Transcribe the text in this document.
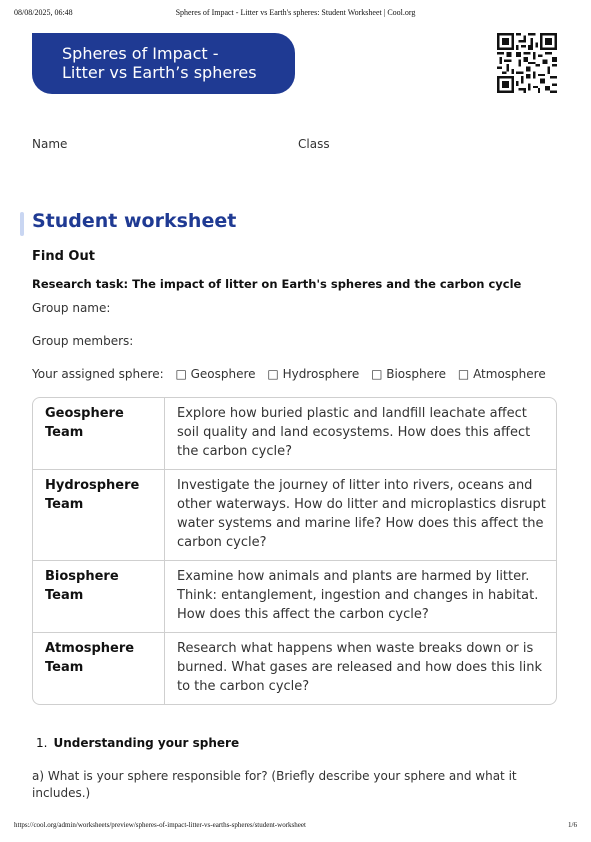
08/08/2025, 06:48	Spheres of Impact - Litter vs Earth's spheres: Student Worksheet | Cool.org
Spheres of Impact -
Litter vs Earth’s spheres
Name	Class
Student worksheet
Find Out
Research task: The impact of litter on Earth's spheres and the carbon cycle
Group name:
Group members:
Your assigned sphere: □ Geosphere □ Hydrosphere □ Biosphere □ Atmosphere
Geosphere Team	Explore how buried plastic and landfill leachate affect soil quality and land ecosystems. How does this affect the carbon cycle?
Hydrosphere Team	Investigate the journey of litter into rivers, oceans and other waterways. How do litter and microplastics disrupt water systems and marine life? How does this affect the carbon cycle?
Biosphere Team	Examine how animals and plants are harmed by litter. Think: entanglement, ingestion and changes in habitat. How does this affect the carbon cycle?
Atmosphere Team	Research what happens when waste breaks down or is burned. What gases are released and how does this link to the carbon cycle?
1. Understanding your sphere
a) What is your sphere responsible for? (Briefly describe your sphere and what it includes.)
https://cool.org/admin/worksheets/preview/spheres-of-impact-litter-vs-earths-spheres/student-worksheet	1/6
